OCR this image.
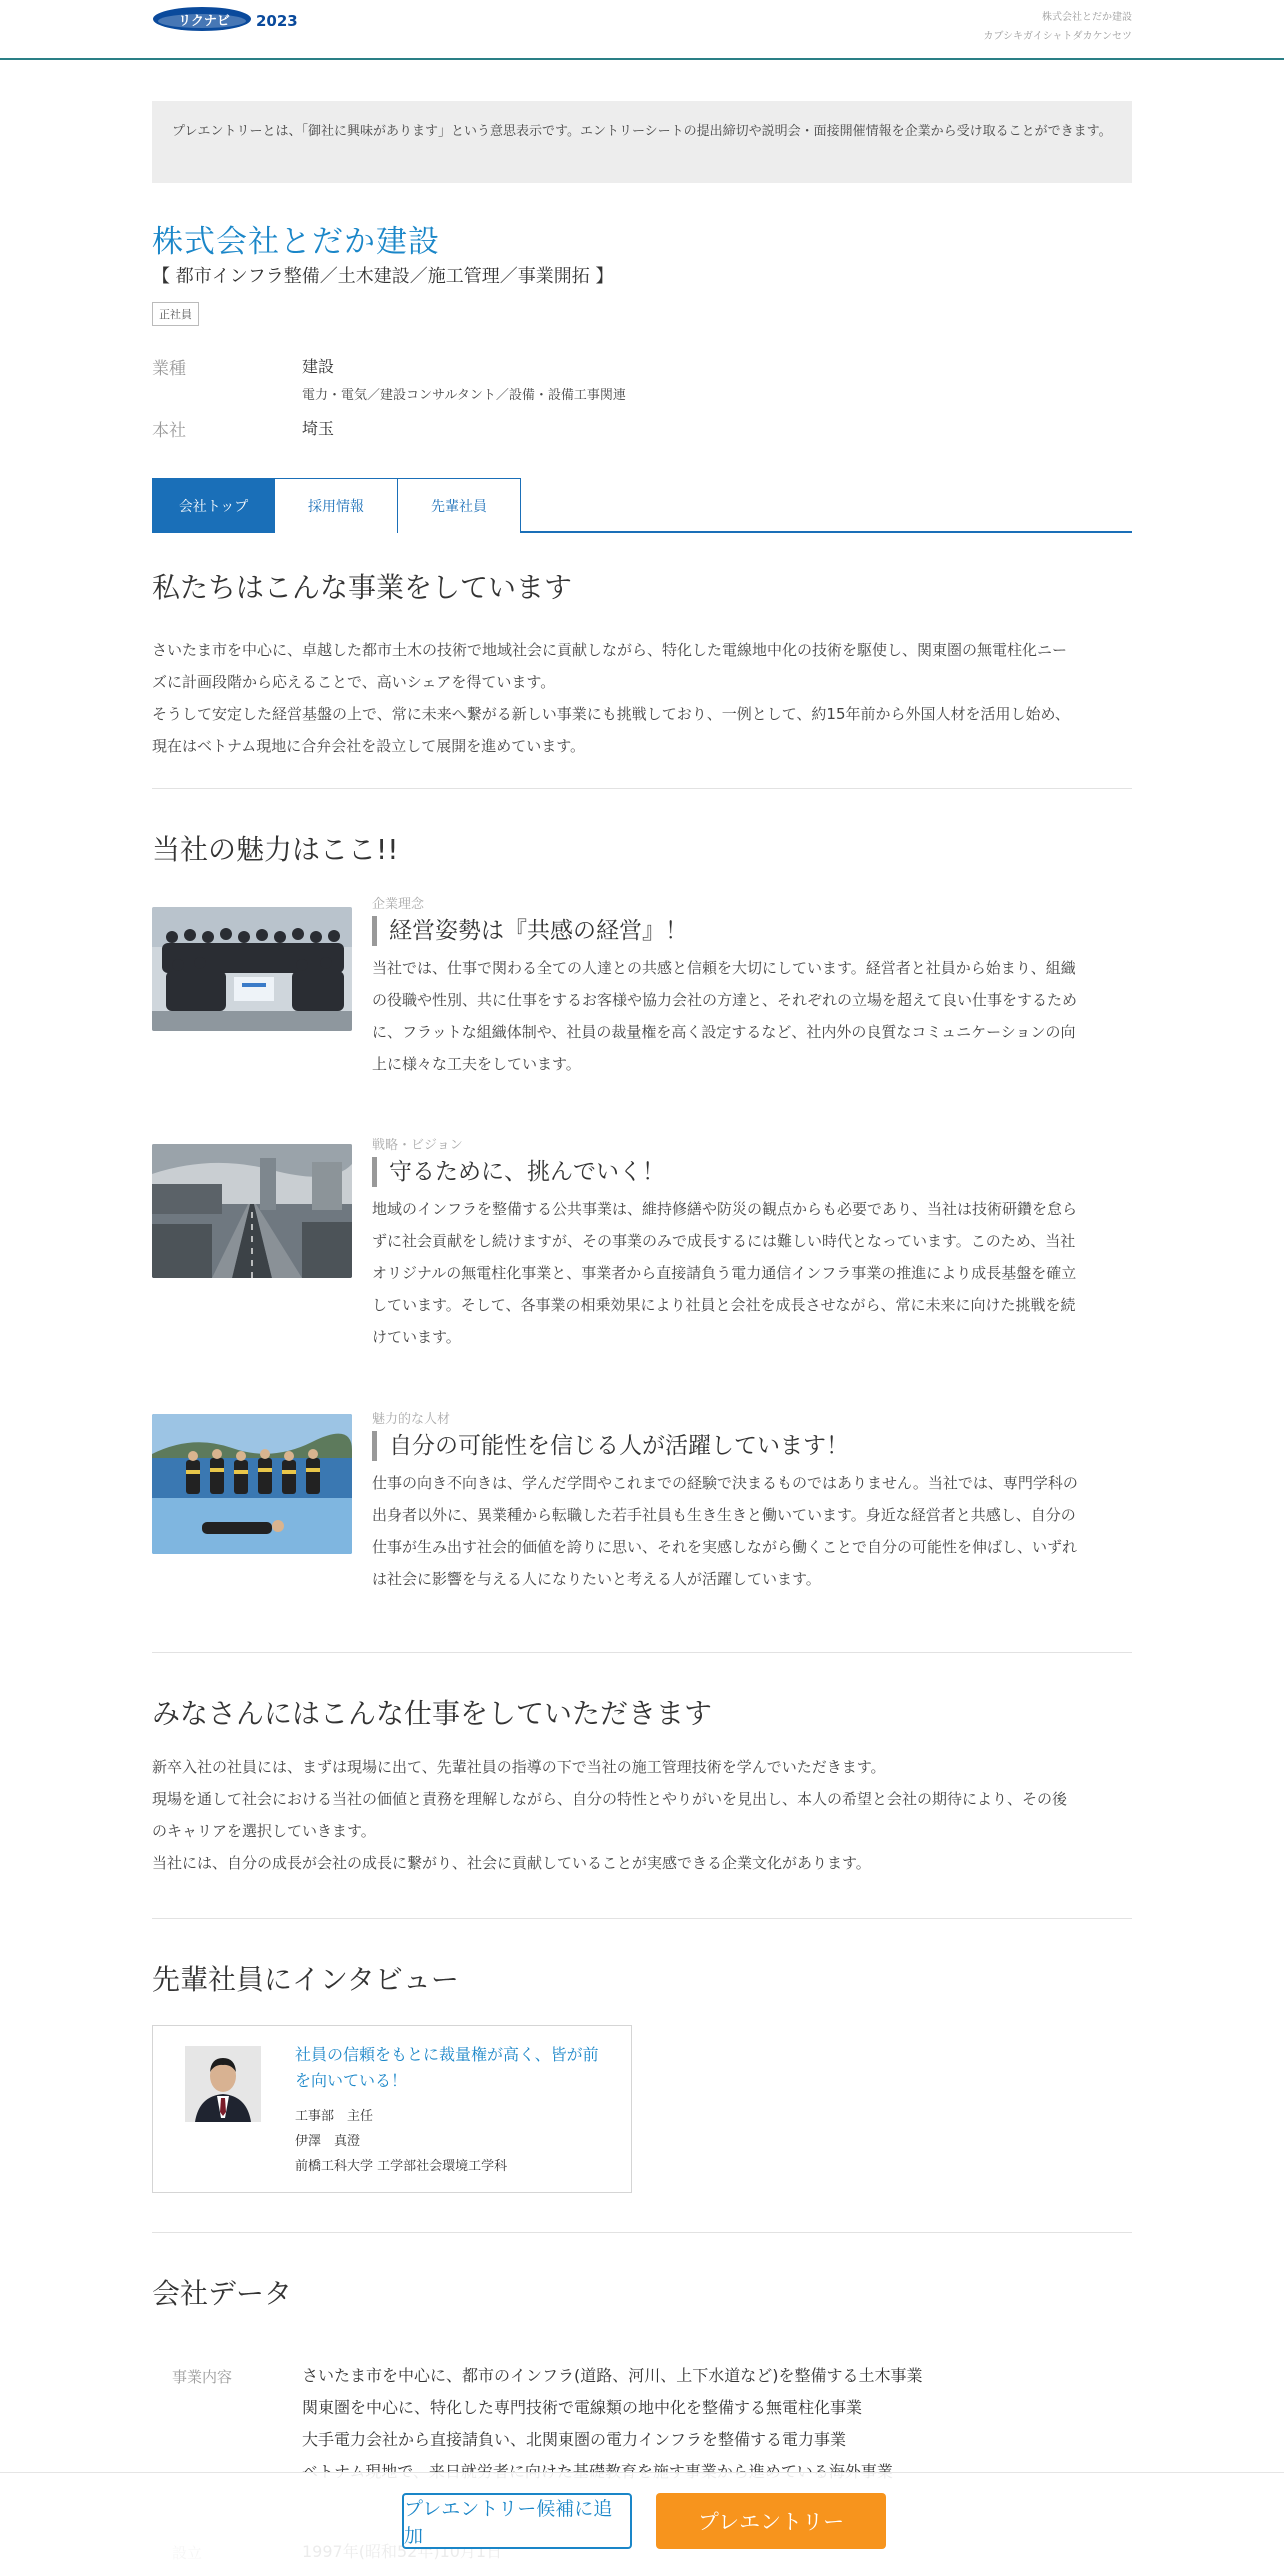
リクナビ 2023	株式会社とだか建設
カブシキガイシャトダカケンセツ
プレエントリーとは、「御社に興味があります」という意思表示です。エントリーシートの提出締切や説明会・面接開催情報を企業から受け取ることができます。
株式会社とだか建設
【 都市インフラ整備／土木建設／施工管理／事業開拓 】
正社員
業種	建設
電力・電気／建設コンサルタント／設備・設備工事関連
本社	埼玉
会社トップ	採用情報	先輩社員
私たちはこんな事業をしています
さいたま市を中心に、卓越した都市土木の技術で地域社会に貢献しながら、特化した電線地中化の技術を駆使し、関東圏の無電柱化ニー
ズに計画段階から応えることで、高いシェアを得ています。
そうして安定した経営基盤の上で、常に未来へ繋がる新しい事業にも挑戦しており、一例として、約15年前から外国人材を活用し始め、
現在はベトナム現地に合弁会社を設立して展開を進めています。
当社の魅力はここ!!
企業理念
経営姿勢は『共感の経営』！
当社では、仕事で関わる全ての人達との共感と信頼を大切にしています。経営者と社員から始まり、組織
の役職や性別、共に仕事をするお客様や協力会社の方達と、それぞれの立場を超えて良い仕事をするため
に、フラットな組織体制や、社員の裁量権を高く設定するなど、社内外の良質なコミュニケーションの向
上に様々な工夫をしています。
戦略・ビジョン
守るために、挑んでいく！
地域のインフラを整備する公共事業は、維持修繕や防災の観点からも必要であり、当社は技術研鑽を怠ら
ずに社会貢献をし続けますが、その事業のみで成長するには難しい時代となっています。このため、当社
オリジナルの無電柱化事業と、事業者から直接請負う電力通信インフラ事業の推進により成長基盤を確立
しています。そして、各事業の相乗効果により社員と会社を成長させながら、常に未来に向けた挑戦を続
けています。
魅力的な人材
自分の可能性を信じる人が活躍しています！
仕事の向き不向きは、学んだ学問やこれまでの経験で決まるものではありません。当社では、専門学科の
出身者以外に、異業種から転職した若手社員も生き生きと働いています。身近な経営者と共感し、自分の
仕事が生み出す社会的価値を誇りに思い、それを実感しながら働くことで自分の可能性を伸ばし、いずれ
は社会に影響を与える人になりたいと考える人が活躍しています。
みなさんにはこんな仕事をしていただきます
新卒入社の社員には、まずは現場に出て、先輩社員の指導の下で当社の施工管理技術を学んでいただきます。
現場を通して社会における当社の価値と責務を理解しながら、自分の特性とやりがいを見出し、本人の希望と会社の期待により、その後
のキャリアを選択していきます。
当社には、自分の成長が会社の成長に繋がり、社会に貢献していることが実感できる企業文化があります。
先輩社員にインタビュー
社員の信頼をもとに裁量権が高く、皆が前を向いている！
工事部　主任
伊澤　真澄
前橋工科大学 工学部社会環境工学科
会社データ
事業内容	さいたま市を中心に、都市のインフラ(道路、河川、上下水道など)を整備する土木事業
関東圏を中心に、特化した専門技術で電線類の地中化を整備する無電柱化事業
大手電力会社から直接請負い、北関東圏の電力インフラを整備する電力事業
プレエントリー候補に追加
プレエントリー
